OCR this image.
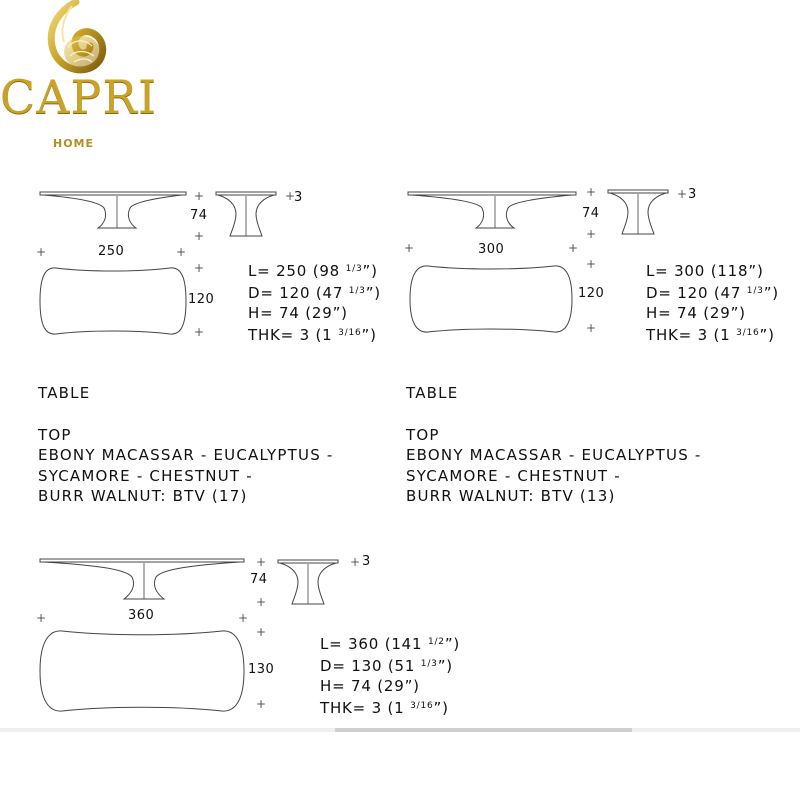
CAPRI
HOME
+
+
+	+
+
+
+
74
250
120
3
L= 250 (98 $^{1/3}$”)
D= 120 (47 $^{1/3}$”)
H= 74 (29”)
THK= 3 (1 $^{3/16}$”)
+
+
+	+
+
+
+
74
300
120
3
L= 300 (118”)
D= 120 (47 $^{1/3}$”)
H= 74 (29”)
THK= 3 (1 $^{3/16}$”)
TABLE
TOP
EBONY MACASSAR - EUCALYPTUS -
SYCAMORE - CHESTNUT -
BURR WALNUT: BTV (17)
TABLE
TOP
EBONY MACASSAR - EUCALYPTUS -
SYCAMORE - CHESTNUT -
BURR WALNUT: BTV (13)
+
+
+	+
+
+
+
74
360
130
3
L= 360 (141 $^{1/2}$”)
D= 130 (51 $^{1/3}$”)
H= 74 (29”)
THK= 3 (1 $^{3/16}$”)
